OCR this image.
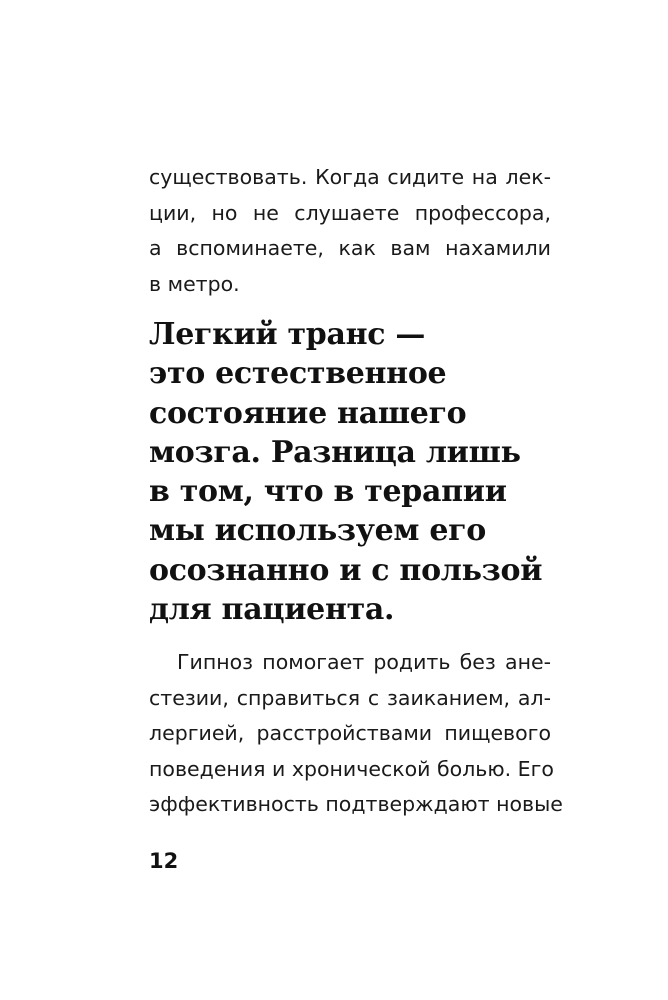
существовать. Когда сидите на лек-
ции, но не слушаете профессора,
а вспоминаете, как вам нахамили
в метро.
Легкий транс —
это естественное
состояние нашего
мозга. Разница лишь
в том, что в терапии
мы используем его
осознанно и с пользой
для пациента.
Гипноз помогает родить без ане-
стезии, справиться с заиканием, ал-
лергией, расстройствами пищевого
поведения и хронической болью. Его
эффективность подтверждают новые
12
